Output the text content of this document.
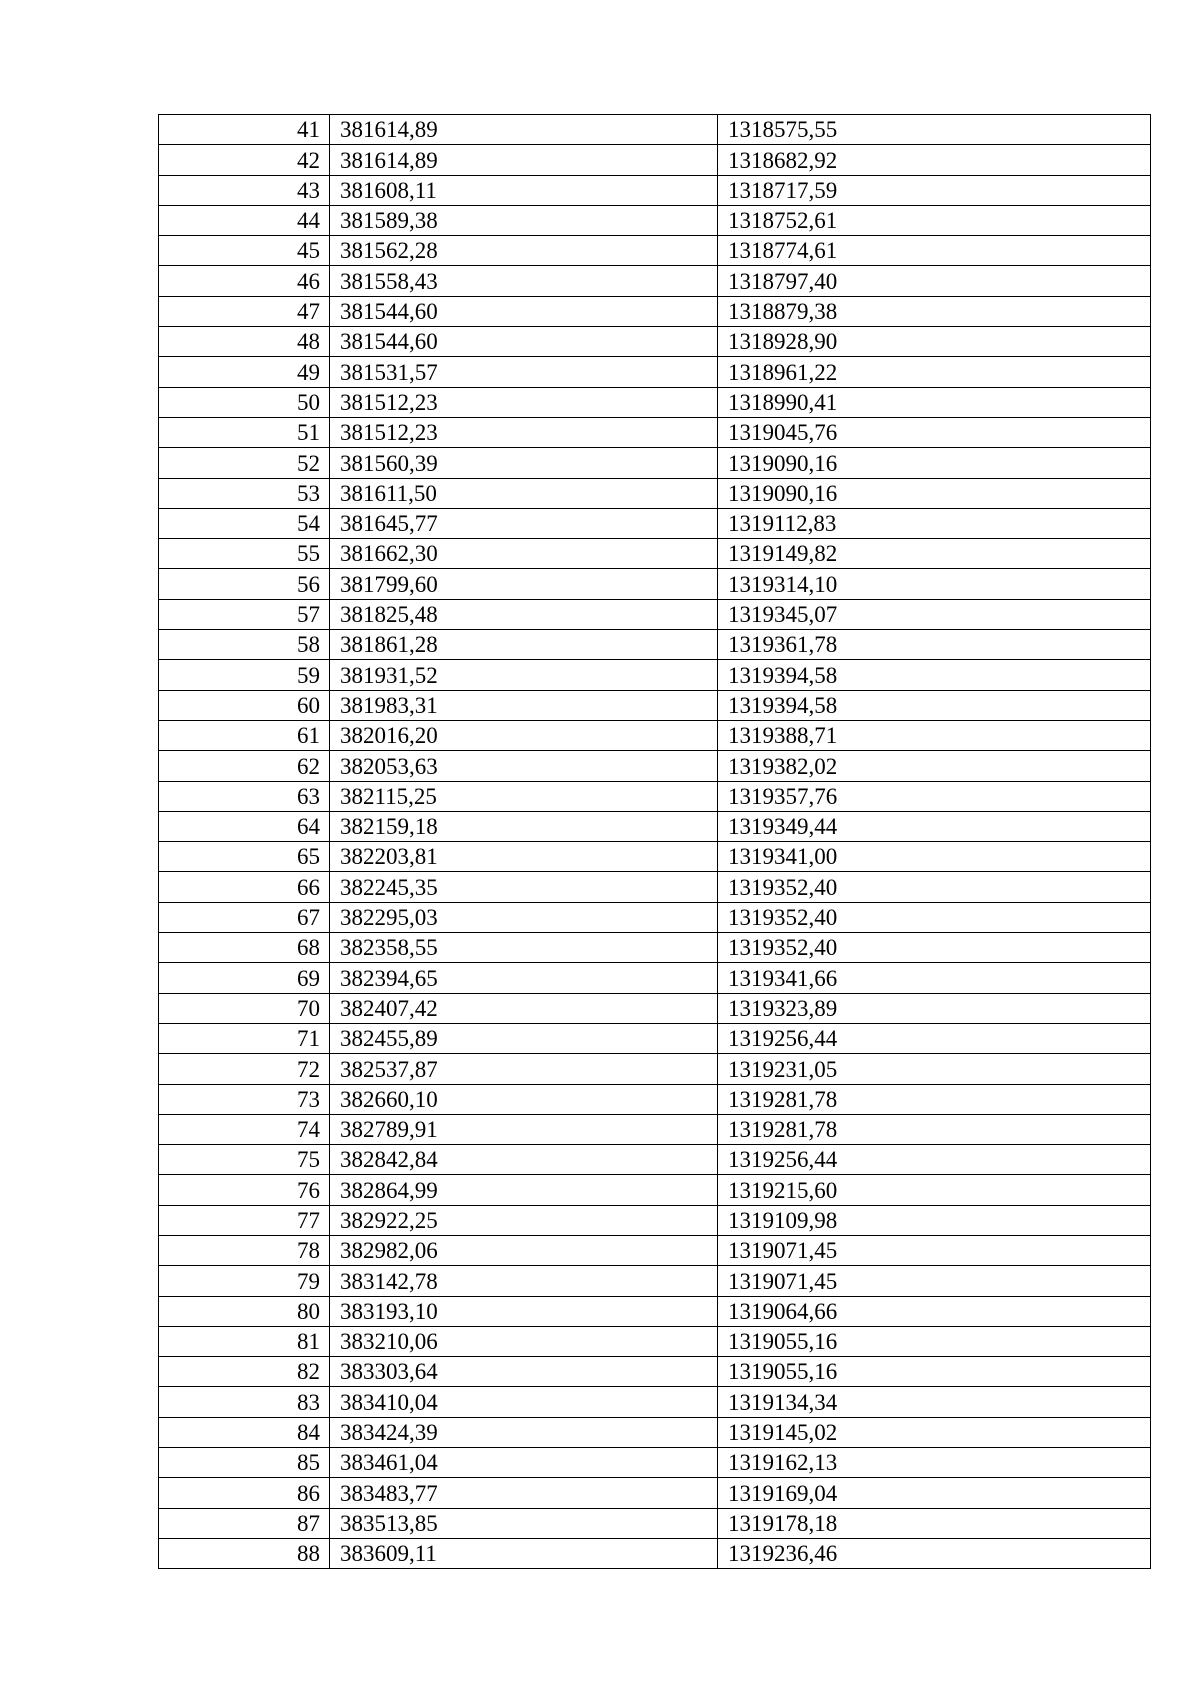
41	381614,89	1318575,55
42	381614,89	1318682,92
43	381608,11	1318717,59
44	381589,38	1318752,61
45	381562,28	1318774,61
46	381558,43	1318797,40
47	381544,60	1318879,38
48	381544,60	1318928,90
49	381531,57	1318961,22
50	381512,23	1318990,41
51	381512,23	1319045,76
52	381560,39	1319090,16
53	381611,50	1319090,16
54	381645,77	1319112,83
55	381662,30	1319149,82
56	381799,60	1319314,10
57	381825,48	1319345,07
58	381861,28	1319361,78
59	381931,52	1319394,58
60	381983,31	1319394,58
61	382016,20	1319388,71
62	382053,63	1319382,02
63	382115,25	1319357,76
64	382159,18	1319349,44
65	382203,81	1319341,00
66	382245,35	1319352,40
67	382295,03	1319352,40
68	382358,55	1319352,40
69	382394,65	1319341,66
70	382407,42	1319323,89
71	382455,89	1319256,44
72	382537,87	1319231,05
73	382660,10	1319281,78
74	382789,91	1319281,78
75	382842,84	1319256,44
76	382864,99	1319215,60
77	382922,25	1319109,98
78	382982,06	1319071,45
79	383142,78	1319071,45
80	383193,10	1319064,66
81	383210,06	1319055,16
82	383303,64	1319055,16
83	383410,04	1319134,34
84	383424,39	1319145,02
85	383461,04	1319162,13
86	383483,77	1319169,04
87	383513,85	1319178,18
88	383609,11	1319236,46
